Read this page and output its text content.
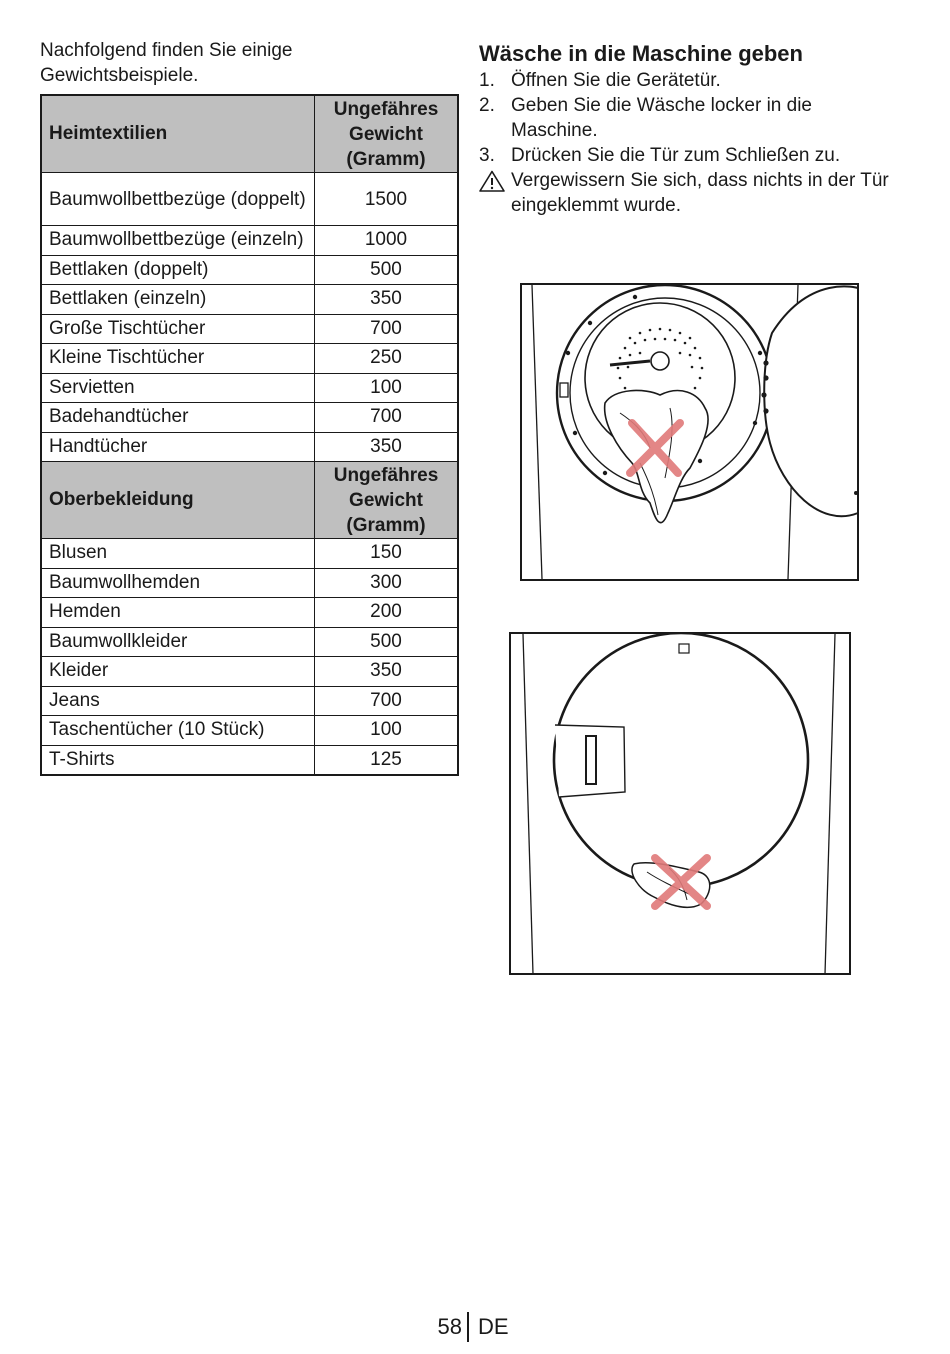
Nachfolgend finden Sie einige Gewichtsbeispiele.
Heimtextilien	Ungefähres
Gewicht
(Gramm)
Baumwollbettbezüge (doppelt)	1500
Baumwollbettbezüge (einzeln)	1000
Bettlaken (doppelt)	500
Bettlaken (einzeln)	350
Große Tischtücher	700
Kleine Tischtücher	250
Servietten	100
Badehandtücher	700
Handtücher	350
Oberbekleidung	Ungefähres
Gewicht
(Gramm)
Blusen	150
Baumwollhemden	300
Hemden	200
Baumwollkleider	500
Kleider	350
Jeans	700
Taschentücher (10 Stück)	100
T-Shirts	125
Wäsche in die Maschine geben
1. Öffnen Sie die Gerätetür.
2. Geben Sie die Wäsche locker in die Maschine.
3. Drücken Sie die Tür zum Schließen zu.
Vergewissern Sie sich, dass nichts in der Tür eingeklemmt wurde.
58 DE
